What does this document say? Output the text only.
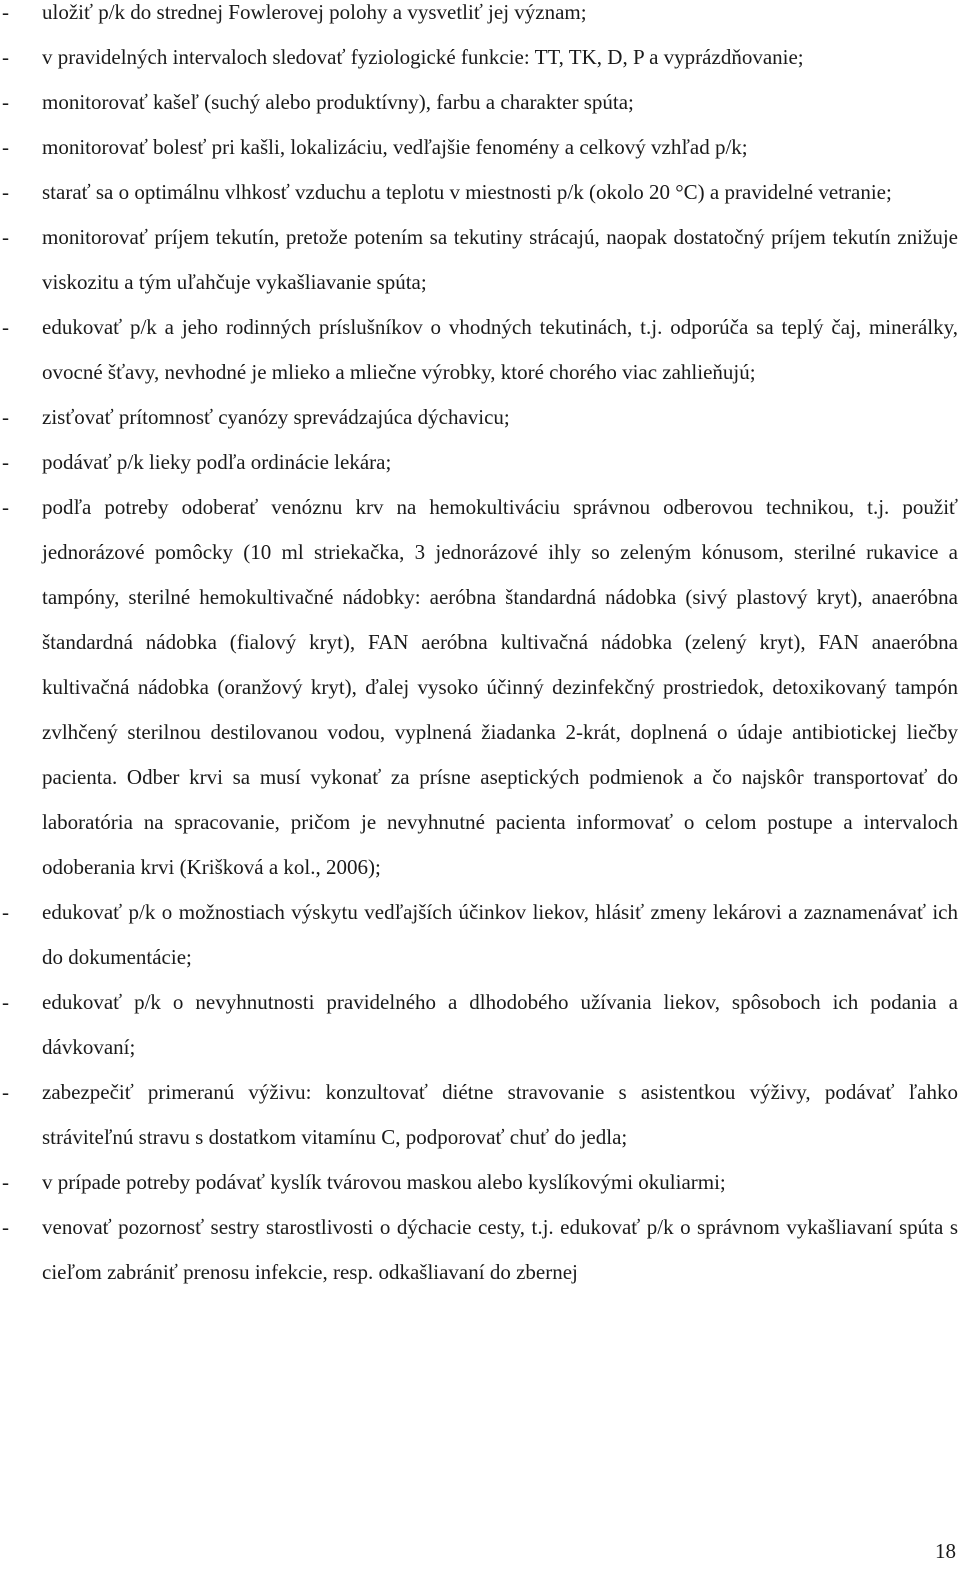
-	uložiť p/k do strednej Fowlerovej polohy a vysvetliť jej význam;
-	v pravidelných intervaloch sledovať fyziologické funkcie: TT, TK, D, P a vyprázdňovanie;
-	monitorovať kašeľ (suchý alebo produktívny), farbu a charakter spúta;
-	monitorovať bolesť pri kašli, lokalizáciu, vedľajšie fenomény a celkový vzhľad p/k;
-	starať sa o optimálnu vlhkosť vzduchu a teplotu v miestnosti p/k (okolo 20 °C) a pravidelné vetranie;
-	monitorovať príjem tekutín, pretože potením sa tekutiny strácajú, naopak dostatočný príjem tekutín znižuje viskozitu a tým uľahčuje vykašliavanie spúta;
-	edukovať p/k a jeho rodinných príslušníkov o vhodných tekutinách, t.j. odporúča sa teplý čaj, minerálky, ovocné šťavy, nevhodné je mlieko a mliečne výrobky, ktoré chorého viac zahlieňujú;
-	zisťovať prítomnosť cyanózy sprevádzajúca dýchavicu;
-	podávať p/k lieky podľa ordinácie lekára;
-	podľa potreby odoberať venóznu krv na hemokultiváciu správnou odberovou technikou, t.j. použiť jednorázové pomôcky (10 ml striekačka, 3 jednorázové ihly so zeleným kónusom, sterilné rukavice a tampóny, sterilné hemokultivačné nádobky: aeróbna štandardná nádobka (sivý plastový kryt), anaeróbna štandardná nádobka (fialový kryt), FAN aeróbna kultivačná nádobka (zelený kryt), FAN anaeróbna kultivačná nádobka (oranžový kryt), ďalej vysoko účinný dezinfekčný prostriedok, detoxikovaný tampón zvlhčený sterilnou destilovanou vodou, vyplnená žiadanka 2-krát, doplnená o údaje antibiotickej liečby pacienta. Odber krvi sa musí vykonať za prísne aseptických podmienok a čo najskôr transportovať do laboratória na spracovanie, pričom je nevyhnutné pacienta informovať o celom postupe a intervaloch odoberania krvi (Krišková a kol., 2006);
-	edukovať p/k o možnostiach výskytu vedľajších účinkov liekov, hlásiť zmeny lekárovi a zaznamenávať ich do dokumentácie;
-	edukovať p/k o nevyhnutnosti pravidelného a dlhodobého užívania liekov, spôsoboch ich podania a dávkovaní;
-	zabezpečiť primeranú výživu: konzultovať diétne stravovanie s asistentkou výživy, podávať ľahko stráviteľnú stravu s dostatkom vitamínu C, podporovať chuť do jedla;
-	v prípade potreby podávať kyslík tvárovou maskou alebo kyslíkovými okuliarmi;
-	venovať pozornosť sestry starostlivosti o dýchacie cesty, t.j. edukovať p/k o správnom vykašliavaní spúta s cieľom zabrániť prenosu infekcie, resp. odkašliavaní do zbernej
18
